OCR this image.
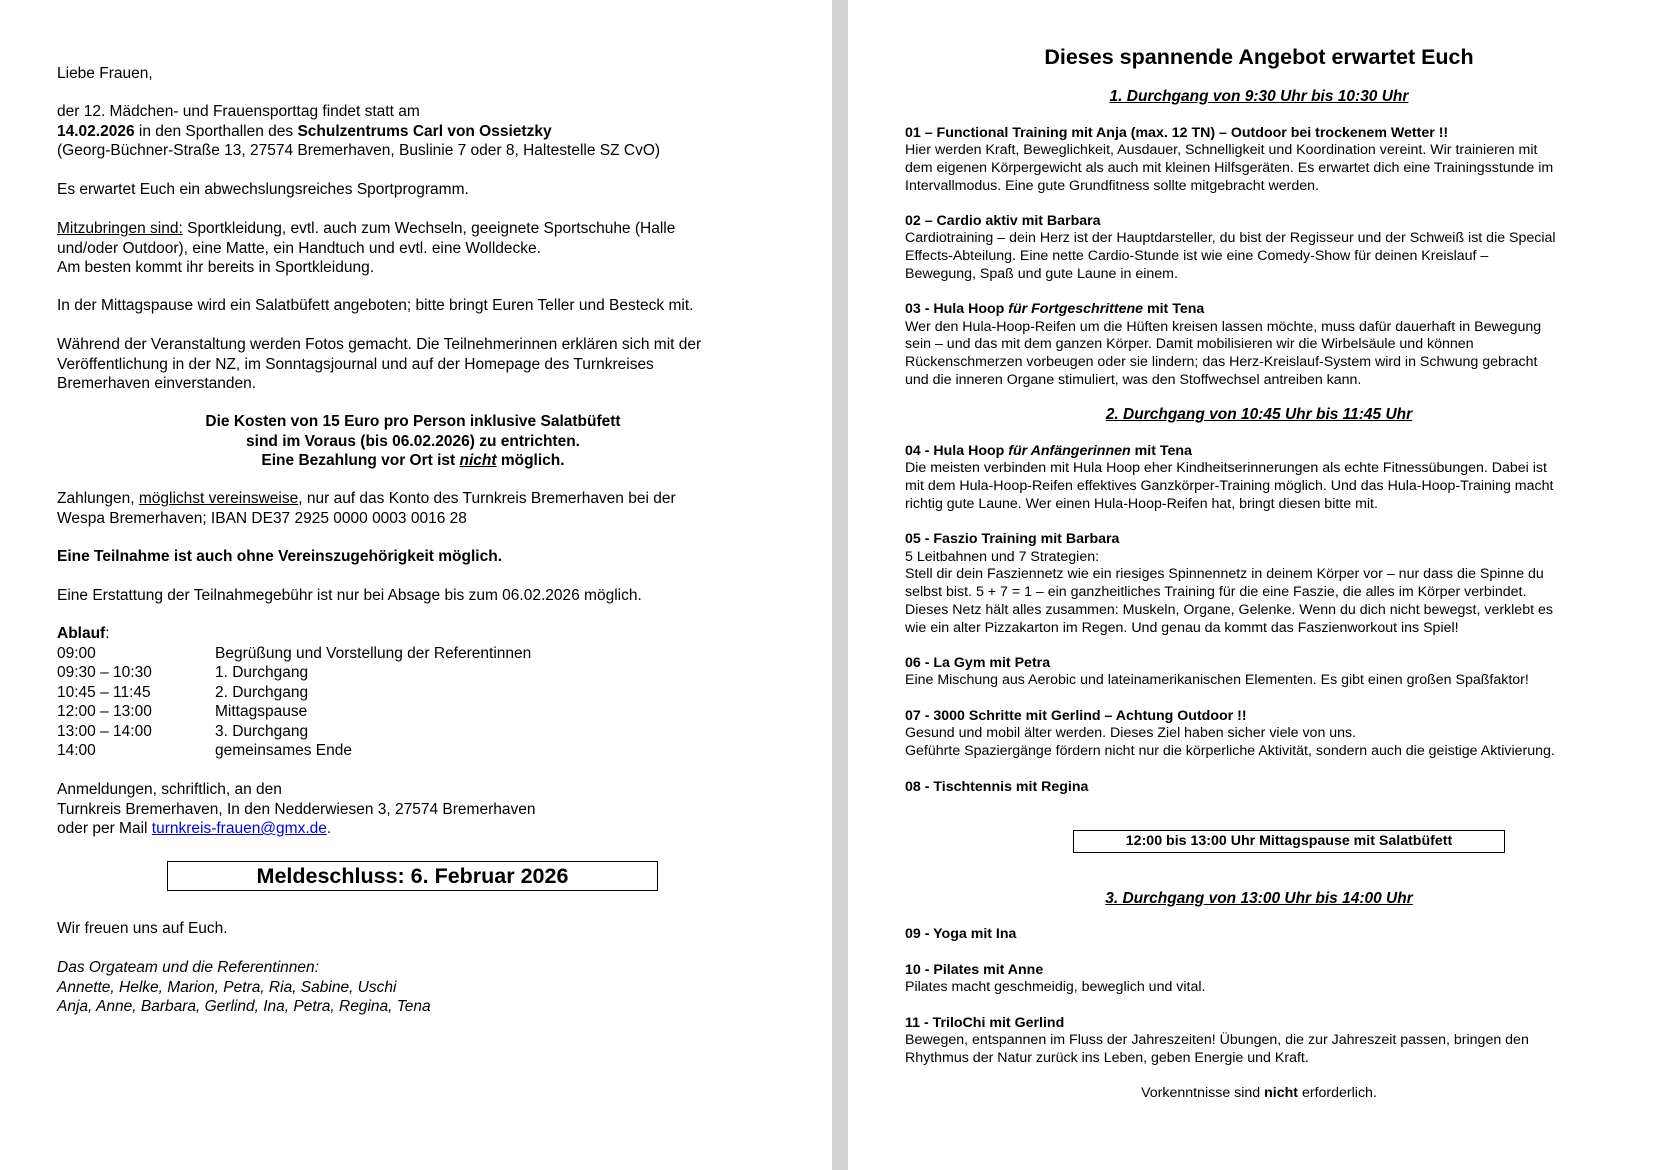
Liebe Frauen,
der 12. Mädchen- und Frauensporttag findet statt am
14.02.2026 in den Sporthallen des Schulzentrums Carl von Ossietzky
(Georg-Büchner-Straße 13, 27574 Bremerhaven, Buslinie 7 oder 8, Haltestelle SZ CvO)
Es erwartet Euch ein abwechslungsreiches Sportprogramm.
Mitzubringen sind: Sportkleidung, evtl. auch zum Wechseln, geeignete Sportschuhe (Halle
und/oder Outdoor), eine Matte, ein Handtuch und evtl. eine Wolldecke.
Am besten kommt ihr bereits in Sportkleidung.
In der Mittagspause wird ein Salatbüfett angeboten; bitte bringt Euren Teller und Besteck mit.
Während der Veranstaltung werden Fotos gemacht. Die Teilnehmerinnen erklären sich mit der
Veröffentlichung in der NZ, im Sonntagsjournal und auf der Homepage des Turnkreises
Bremerhaven einverstanden.
Die Kosten von 15 Euro pro Person inklusive Salatbüfett
sind im Voraus (bis 06.02.2026) zu entrichten.
Eine Bezahlung vor Ort ist nicht möglich.
Zahlungen, möglichst vereinsweise, nur auf das Konto des Turnkreis Bremerhaven bei der
Wespa Bremerhaven; IBAN DE37 2925 0000 0003 0016 28
Eine Teilnahme ist auch ohne Vereinszugehörigkeit möglich.
Eine Erstattung der Teilnahmegebühr ist nur bei Absage bis zum 06.02.2026 möglich.
Ablauf:
09:00	Begrüßung und Vorstellung der Referentinnen
09:30 – 10:30	1. Durchgang
10:45 – 11:45	2. Durchgang
12:00 – 13:00	Mittagspause
13:00 – 14:00	3. Durchgang
14:00	gemeinsames Ende
Anmeldungen, schriftlich, an den
Turnkreis Bremerhaven, In den Nedderwiesen 3, 27574 Bremerhaven
oder per Mail turnkreis-frauen@gmx.de.
Meldeschluss: 6. Februar 2026
Wir freuen uns auf Euch.
Das Orgateam und die Referentinnen:
Annette, Helke, Marion, Petra, Ria, Sabine, Uschi
Anja, Anne, Barbara, Gerlind, Ina, Petra, Regina, Tena
Dieses spannende Angebot erwartet Euch
1. Durchgang von 9:30 Uhr bis 10:30 Uhr
01 – Functional Training mit Anja (max. 12 TN) – Outdoor bei trockenem Wetter !!
Hier werden Kraft, Beweglichkeit, Ausdauer, Schnelligkeit und Koordination vereint. Wir trainieren mit
dem eigenen Körpergewicht als auch mit kleinen Hilfsgeräten. Es erwartet dich eine Trainingsstunde im
Intervallmodus. Eine gute Grundfitness sollte mitgebracht werden.
02 – Cardio aktiv mit Barbara
Cardiotraining – dein Herz ist der Hauptdarsteller, du bist der Regisseur und der Schweiß ist die Special
Effects-Abteilung. Eine nette Cardio-Stunde ist wie eine Comedy-Show für deinen Kreislauf –
Bewegung, Spaß und gute Laune in einem.
03 - Hula Hoop für Fortgeschrittene mit Tena
Wer den Hula-Hoop-Reifen um die Hüften kreisen lassen möchte, muss dafür dauerhaft in Bewegung
sein – und das mit dem ganzen Körper. Damit mobilisieren wir die Wirbelsäule und können
Rückenschmerzen vorbeugen oder sie lindern; das Herz-Kreislauf-System wird in Schwung gebracht
und die inneren Organe stimuliert, was den Stoffwechsel antreiben kann.
2. Durchgang von 10:45 Uhr bis 11:45 Uhr
04 - Hula Hoop für Anfängerinnen mit Tena
Die meisten verbinden mit Hula Hoop eher Kindheitserinnerungen als echte Fitnessübungen. Dabei ist
mit dem Hula-Hoop-Reifen effektives Ganzkörper-Training möglich. Und das Hula-Hoop-Training macht
richtig gute Laune. Wer einen Hula-Hoop-Reifen hat, bringt diesen bitte mit.
05 - Faszio Training mit Barbara
5 Leitbahnen und 7 Strategien:
Stell dir dein Fasziennetz wie ein riesiges Spinnennetz in deinem Körper vor – nur dass die Spinne du
selbst bist. 5 + 7 = 1 – ein ganzheitliches Training für die eine Faszie, die alles im Körper verbindet.
Dieses Netz hält alles zusammen: Muskeln, Organe, Gelenke. Wenn du dich nicht bewegst, verklebt es
wie ein alter Pizzakarton im Regen. Und genau da kommt das Faszienworkout ins Spiel!
06 - La Gym mit Petra
Eine Mischung aus Aerobic und lateinamerikanischen Elementen. Es gibt einen großen Spaßfaktor!
07 - 3000 Schritte mit Gerlind – Achtung Outdoor !!
Gesund und mobil älter werden. Dieses Ziel haben sicher viele von uns.
Geführte Spaziergänge fördern nicht nur die körperliche Aktivität, sondern auch die geistige Aktivierung.
08 - Tischtennis mit Regina
12:00 bis 13:00 Uhr Mittagspause mit Salatbüfett
3. Durchgang von 13:00 Uhr bis 14:00 Uhr
09 - Yoga mit Ina
10 - Pilates mit Anne
Pilates macht geschmeidig, beweglich und vital.
11 - TriloChi mit Gerlind
Bewegen, entspannen im Fluss der Jahreszeiten! Übungen, die zur Jahreszeit passen, bringen den
Rhythmus der Natur zurück ins Leben, geben Energie und Kraft.
Vorkenntnisse sind nicht erforderlich.
